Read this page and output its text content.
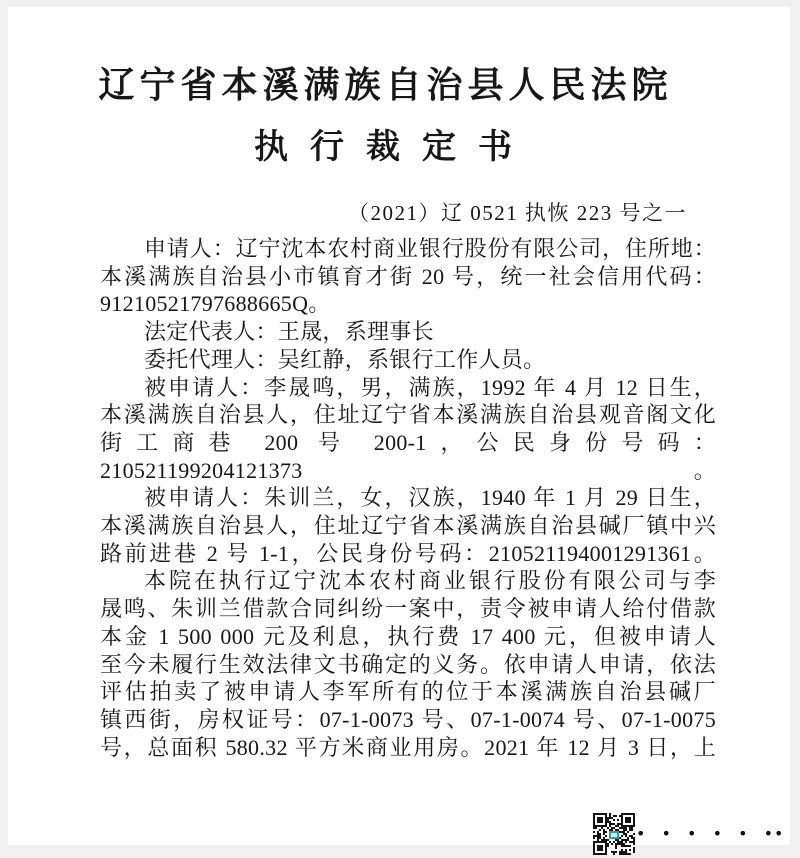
辽宁省本溪满族自治县人民法院
执行裁定书
（2021）辽 0521 执恢 223 号之一
申请人：辽宁沈本农村商业银行股份有限公司，住所地：
本溪满族自治县小市镇育才街 20 号，统一社会信用代码：
91210521797688665Q。
法定代表人：王晟，系理事长
委托代理人：吴红静，系银行工作人员。
被申请人：李晟鸣，男，满族，1992 年 4 月 12 日生，
本溪满族自治县人，住址辽宁省本溪满族自治县观音阁文化
街工商巷 200 号 200-1，公民身份号码：210521199204121373。
被申请人：朱训兰，女，汉族，1940 年 1 月 29 日生，
本溪满族自治县人，住址辽宁省本溪满族自治县碱厂镇中兴
路前进巷 2 号 1-1，公民身份号码：210521194001291361。
本院在执行辽宁沈本农村商业银行股份有限公司与李
晟鸣、朱训兰借款合同纠纷一案中，责令被申请人给付借款
本金 1 500 000 元及利息，执行费 17 400 元，但被申请人
至今未履行生效法律文书确定的义务。依申请人申请，依法
评估拍卖了被申请人李军所有的位于本溪满族自治县碱厂
镇西街，房权证号：07-1-0073 号、07-1-0074 号、07-1-0075
号，总面积 580.32 平方米商业用房。2021 年 12 月 3 日，上
• • • • • ••
